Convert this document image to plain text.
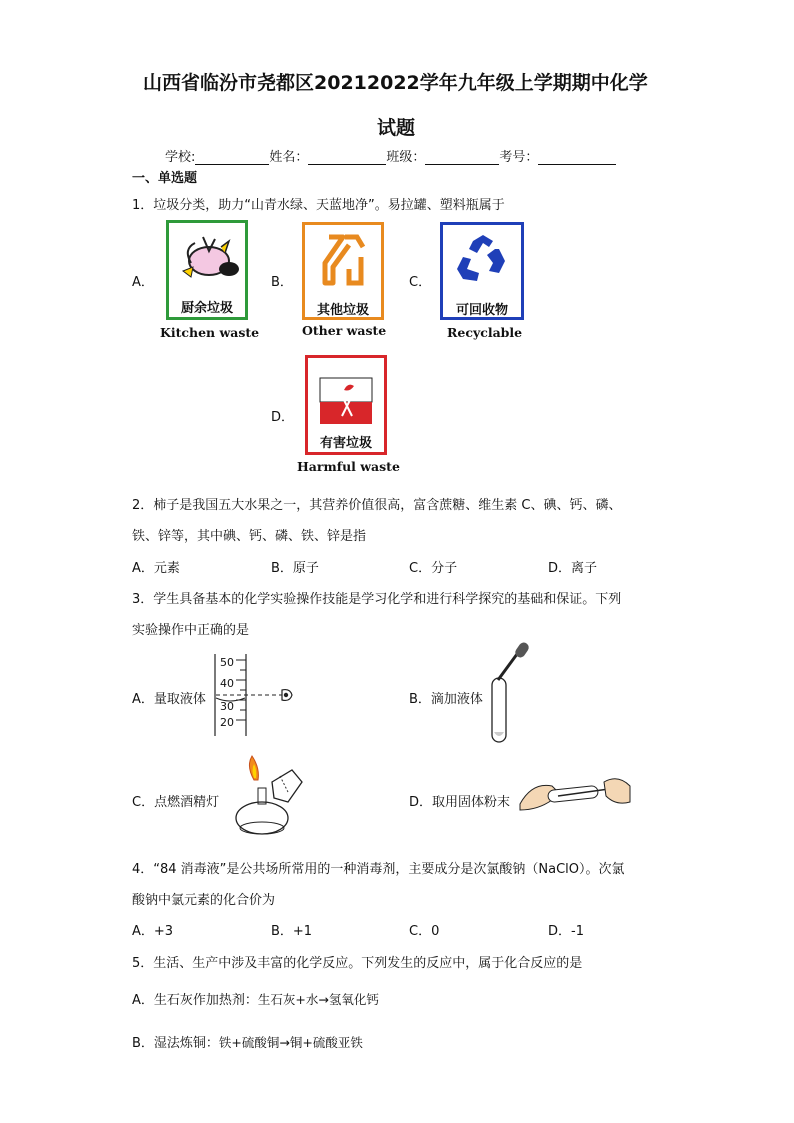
山西省临汾市尧都区20212022学年九年级上学期期中化学
试题
学校:	姓名：	班级：	考号：
一、单选题
1．垃圾分类，助力“山青水绿、天蓝地净”。易拉罐、塑料瓶属于
A．
厨余垃圾
Kitchen waste
B．
其他垃圾
Other waste
C．
可回收物
Recyclable
D．
有害垃圾
Harmful waste
2．柿子是我国五大水果之一，其营养价值很高，富含蔗糖、维生素 C、碘、钙、磷、
铁、锌等，其中碘、钙、磷、铁、锌是指
A．元素	B．原子	C．分子	D．离子
3．学生具备基本的化学实验操作技能是学习化学和进行科学探究的基础和保证。下列
实验操作中正确的是
A．量取液体
50
40
30
20
B．滴加液体
C．点燃酒精灯	D．取用固体粉末
4．“84 消毒液”是公共场所常用的一种消毒剂，主要成分是次氯酸钠（NaClO）。次氯
酸钠中氯元素的化合价为
A．+3	B．+1	C．0	D．-1
5．生活、生产中涉及丰富的化学反应。下列发生的反应中，属于化合反应的是
A．生石灰作加热剂：生石灰+水→氢氧化钙
B．湿法炼铜：铁+硫酸铜→铜+硫酸亚铁
